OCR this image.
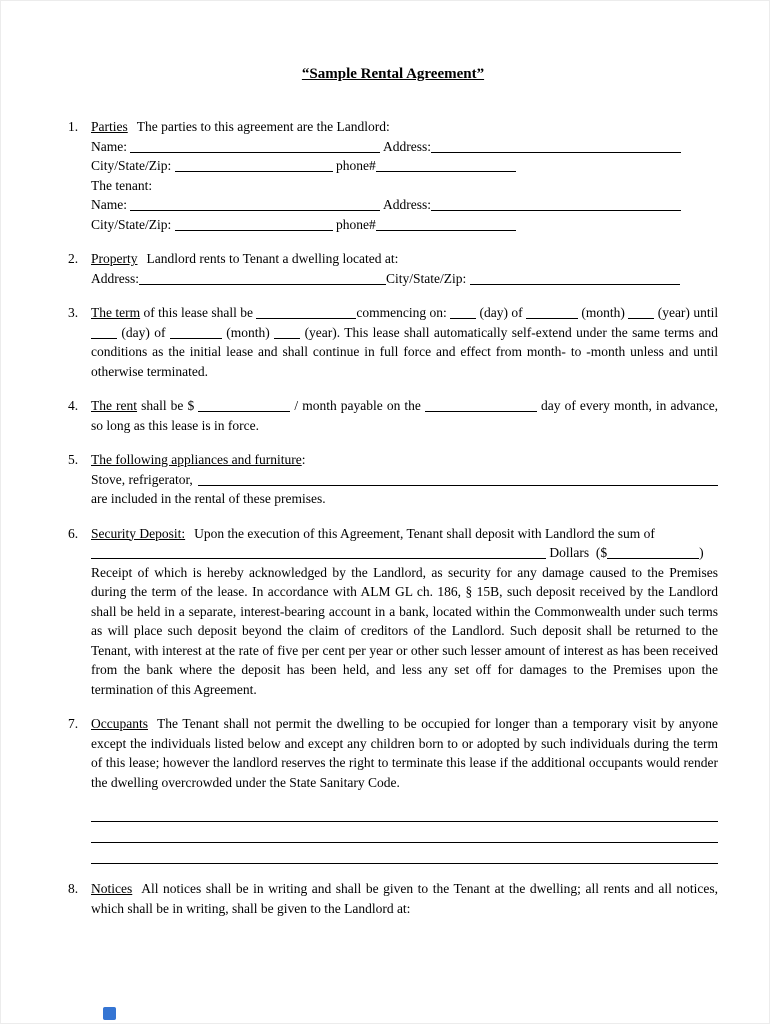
“Sample Rental Agreement”
1. Parties The parties to this agreement are the Landlord:

Name:	Address:

City/State/Zip:	phone#

The tenant:

Name:	Address:

City/State/Zip:	phone#

2. Property Landlord rents to Tenant a dwelling located at:

Address:	City/State/Zip:

3. The term of this lease shall be	commencing on: (day) of	(month) (year) until  (day) of	(month)	(year). This lease shall automatically self-extend under the same terms and conditions as the initial lease and shall continue in full force and effect from month- to -month unless and until otherwise terminated.

4. The rent shall be $	/ month payable on the	day of every month, in advance, so long as this lease is in force.

5. The following appliances and furniture:

Stove, refrigerator,

are included in the rental of these premises.

6. Security Deposit: Upon the execution of this Agreement, Tenant shall deposit with Landlord the sum of

Dollars  ($	)

Receipt of which is hereby acknowledged by the Landlord, as security for any damage caused to the Premises during the term of the lease. In accordance with ALM GL ch. 186, § 15B, such deposit received by the Landlord shall be held in a separate, interest-bearing account in a bank, located within the Commonwealth under such terms as will place such deposit beyond the claim of creditors of the Landlord. Such deposit shall be returned to the Tenant, with interest at the rate of five per cent per year or other such lesser amount of interest as has been received from the bank where the deposit has been held, and less any set off for damages to the Premises upon the termination of this Agreement.

7. Occupants The Tenant shall not permit the dwelling to be occupied for longer than a temporary visit by anyone except the individuals listed below and except any children born to or adopted by such individuals during the term of this lease; however the landlord reserves the right to terminate this lease if the additional occupants would render the dwelling overcrowded under the State Sanitary Code.

8. Notices All notices shall be in writing and shall be given to the Tenant at the dwelling; all rents and all notices, which shall be in writing, shall be given to the Landlord at:
